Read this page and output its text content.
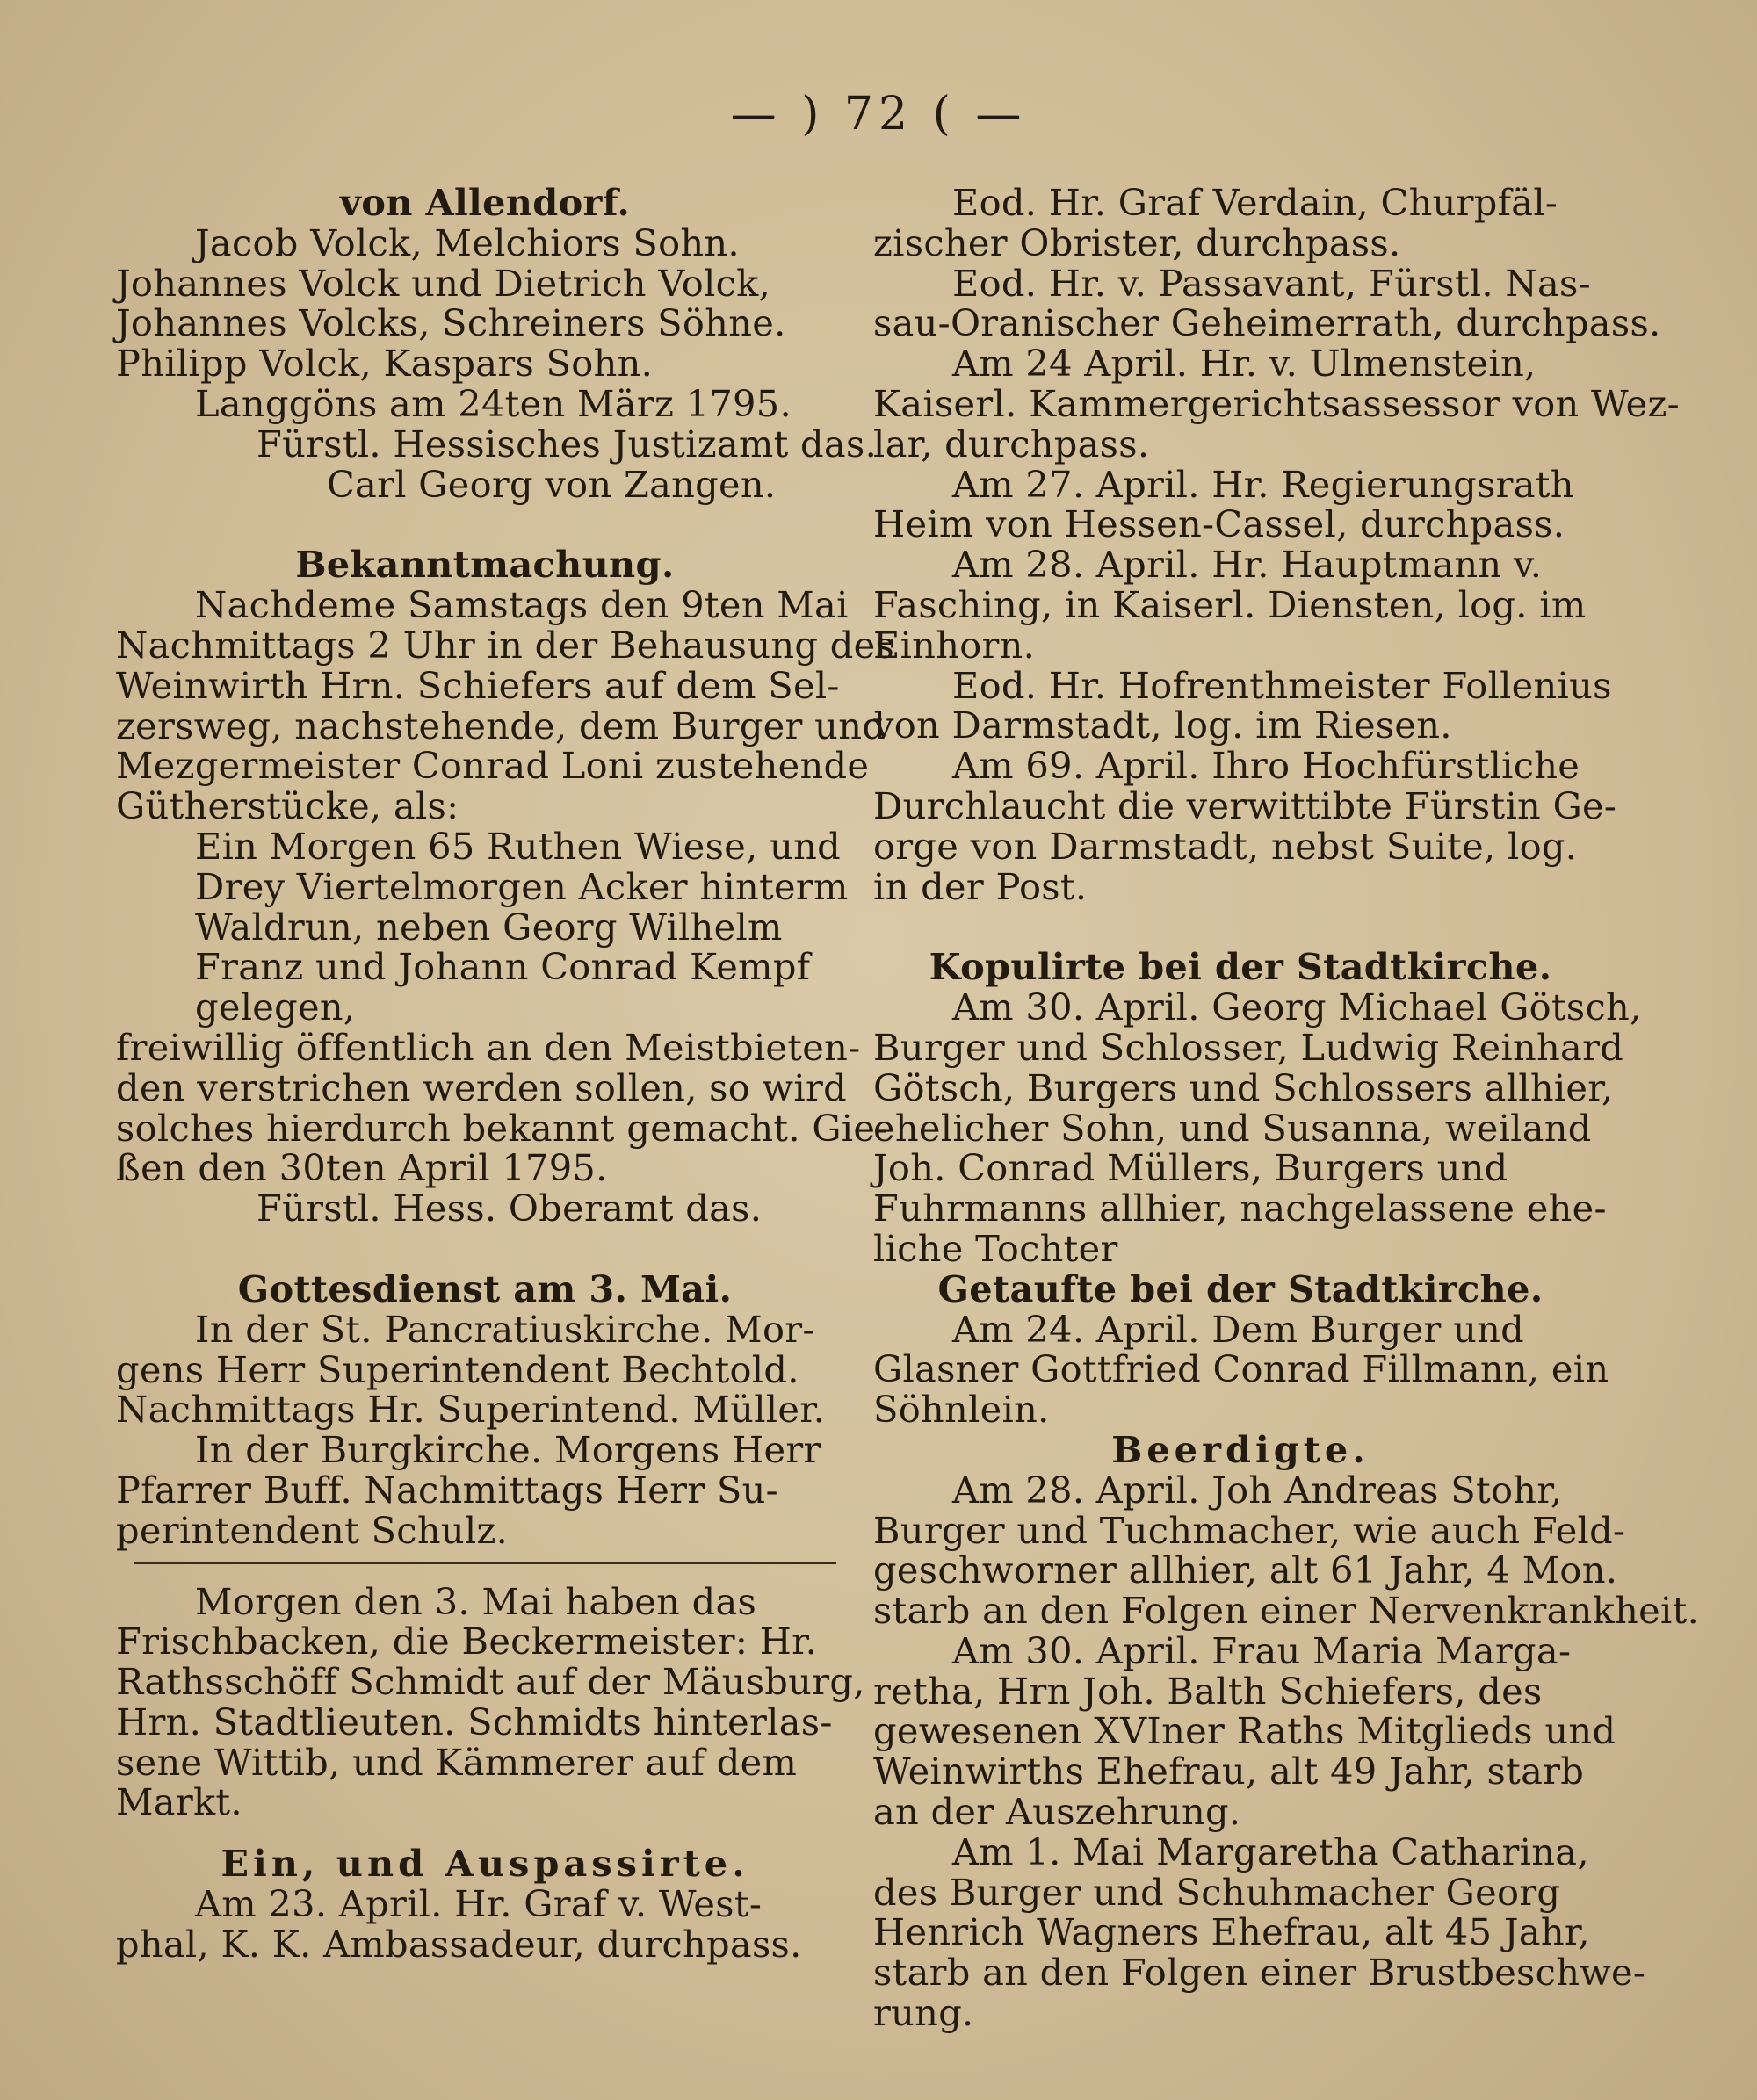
— ) 72 ( —
von Allendorf.
Jacob Volck, Melchiors Sohn.
Johannes Volck und Dietrich Volck,
Johannes Volcks, Schreiners Söhne.
Philipp Volck, Kaspars Sohn.
Langgöns am 24ten März 1795.
Fürstl. Hessisches Justizamt das.
Carl Georg von Zangen.
Bekanntmachung.
Nachdeme Samstags den 9ten Mai
Nachmittags 2 Uhr in der Behausung des
Weinwirth Hrn. Schiefers auf dem Sel-
zersweg, nachstehende, dem Burger und
Mezgermeister Conrad Loni zustehende
Gütherstücke, als:
Ein Morgen 65 Ruthen Wiese, und
Drey Viertelmorgen Acker hinterm
Waldrun, neben Georg Wilhelm
Franz und Johann Conrad Kempf
gelegen,
freiwillig öffentlich an den Meistbieten-
den verstrichen werden sollen, so wird
solches hierdurch bekannt gemacht. Gie-
ßen den 30ten April 1795.
Fürstl. Hess. Oberamt das.
Gottesdienst am 3. Mai.
In der St. Pancratiuskirche. Mor-
gens Herr Superintendent Bechtold.
Nachmittags Hr. Superintend. Müller.
In der Burgkirche. Morgens Herr
Pfarrer Buff. Nachmittags Herr Su-
perintendent Schulz.
Morgen den 3. Mai haben das
Frischbacken, die Beckermeister: Hr.
Rathsschöff Schmidt auf der Mäusburg,
Hrn. Stadtlieuten. Schmidts hinterlas-
sene Wittib, und Kämmerer auf dem
Markt.
Ein, und Auspassirte.
Am 23. April. Hr. Graf v. West-
phal, K. K. Ambassadeur, durchpass.
Eod. Hr. Graf Verdain, Churpfäl-
zischer Obrister, durchpass.
Eod. Hr. v. Passavant, Fürstl. Nas-
sau-Oranischer Geheimerrath, durchpass.
Am 24 April. Hr. v. Ulmenstein,
Kaiserl. Kammergerichtsassessor von Wez-
lar, durchpass.
Am 27. April. Hr. Regierungsrath
Heim von Hessen-Cassel, durchpass.
Am 28. April. Hr. Hauptmann v.
Fasching, in Kaiserl. Diensten, log. im
Einhorn.
Eod. Hr. Hofrenthmeister Follenius
von Darmstadt, log. im Riesen.
Am 69. April. Ihro Hochfürstliche
Durchlaucht die verwittibte Fürstin Ge-
orge von Darmstadt, nebst Suite, log.
in der Post.
Kopulirte bei der Stadtkirche.
Am 30. April. Georg Michael Götsch,
Burger und Schlosser, Ludwig Reinhard
Götsch, Burgers und Schlossers allhier,
ehelicher Sohn, und Susanna, weiland
Joh. Conrad Müllers, Burgers und
Fuhrmanns allhier, nachgelassene ehe-
liche Tochter
Getaufte bei der Stadtkirche.
Am 24. April. Dem Burger und
Glasner Gottfried Conrad Fillmann, ein
Söhnlein.
Beerdigte.
Am 28. April. Joh Andreas Stohr,
Burger und Tuchmacher, wie auch Feld-
geschworner allhier, alt 61 Jahr, 4 Mon.
starb an den Folgen einer Nervenkrankheit.
Am 30. April. Frau Maria Marga-
retha, Hrn Joh. Balth Schiefers, des
gewesenen XVIner Raths Mitglieds und
Weinwirths Ehefrau, alt 49 Jahr, starb
an der Auszehrung.
Am 1. Mai Margaretha Catharina,
des Burger und Schuhmacher Georg
Henrich Wagners Ehefrau, alt 45 Jahr,
starb an den Folgen einer Brustbeschwe-
rung.
